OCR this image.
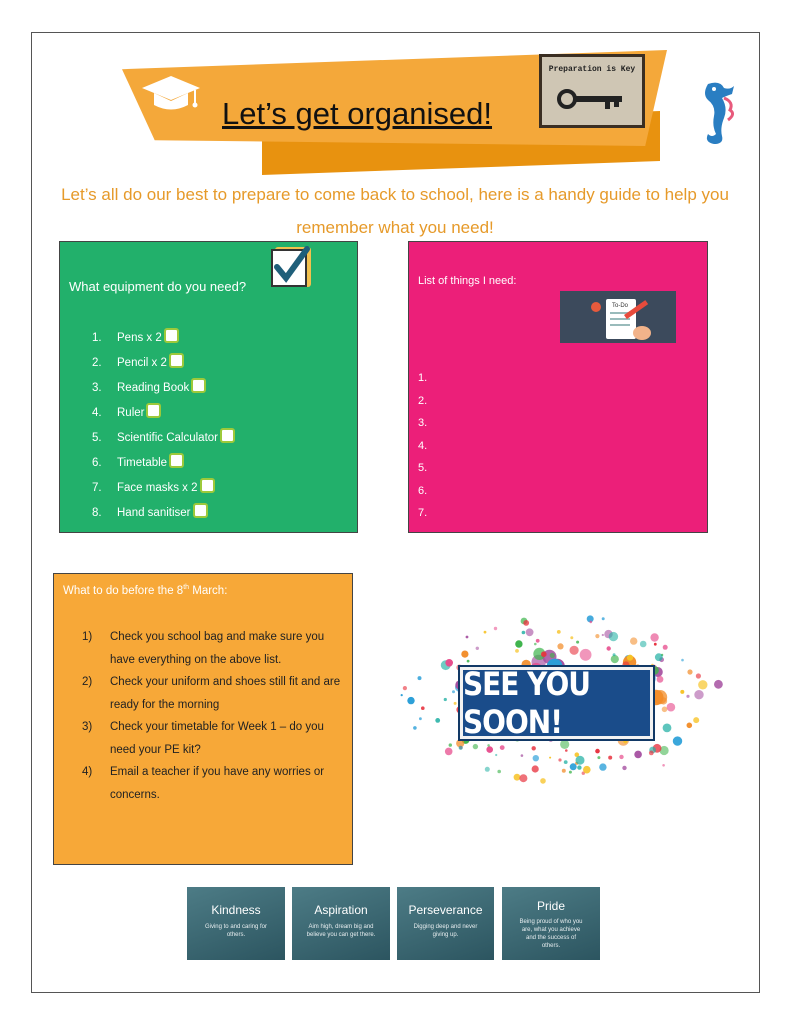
Let’s get organised!
Preparation is Key
Let’s all do our best to prepare to come back to school, here is a handy guide to help you remember what you need!
What equipment do you need?
1. Pens x 2
2. Pencil x 2
3. Reading Book
4. Ruler
5. Scientific Calculator
6. Timetable
7. Face masks x 2
8. Hand sanitiser
List of things I need:
To-Do
1.
2.
3.
4.
5.
6.
7.
What to do before the 8th March:
1) Check you school bag and make sure you have everything on the above list.
2) Check your uniform and shoes still fit and are ready for the morning
3) Check your timetable for Week 1 – do you need your PE kit?
4) Email a teacher if you have any worries or concerns.
SEE YOU SOON!
Kindness
Giving to and caring for others.
Aspiration
Aim high, dream big and believe you can get there.
Perseverance
Digging deep and never giving up.
Pride
Being proud of who you are, what you achieve and the success of others.
